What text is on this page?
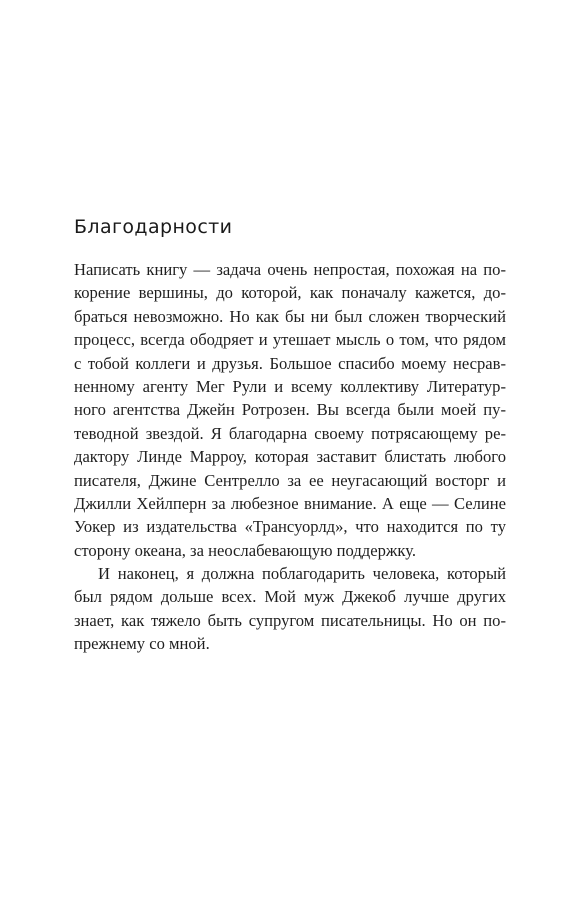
Благодарности
Написать книгу — задача очень непростая, похожая на по-
корение вершины, до которой, как поначалу кажется, до-
браться невозможно. Но как бы ни был сложен творческий
процесс, всегда ободряет и утешает мысль о том, что рядом
с тобой коллеги и друзья. Большое спасибо моему несрав-
ненному агенту Мег Рули и всему коллективу Литератур-
ного агентства Джейн Ротрозен. Вы всегда были моей пу-
теводной звездой. Я благодарна своему потрясающему ре-
дактору Линде Марроу, которая заставит блистать любого
писателя, Джине Сентрелло за ее неугасающий восторг и
Джилли Хейлперн за любезное внимание. А еще — Селине
Уокер из издательства «Трансуорлд», что находится по ту
сторону океана, за неослабевающую поддержку.
И наконец, я должна поблагодарить человека, который
был рядом дольше всех. Мой муж Джекоб лучше других
знает, как тяжело быть супругом писательницы. Но он по-
прежнему со мной.
